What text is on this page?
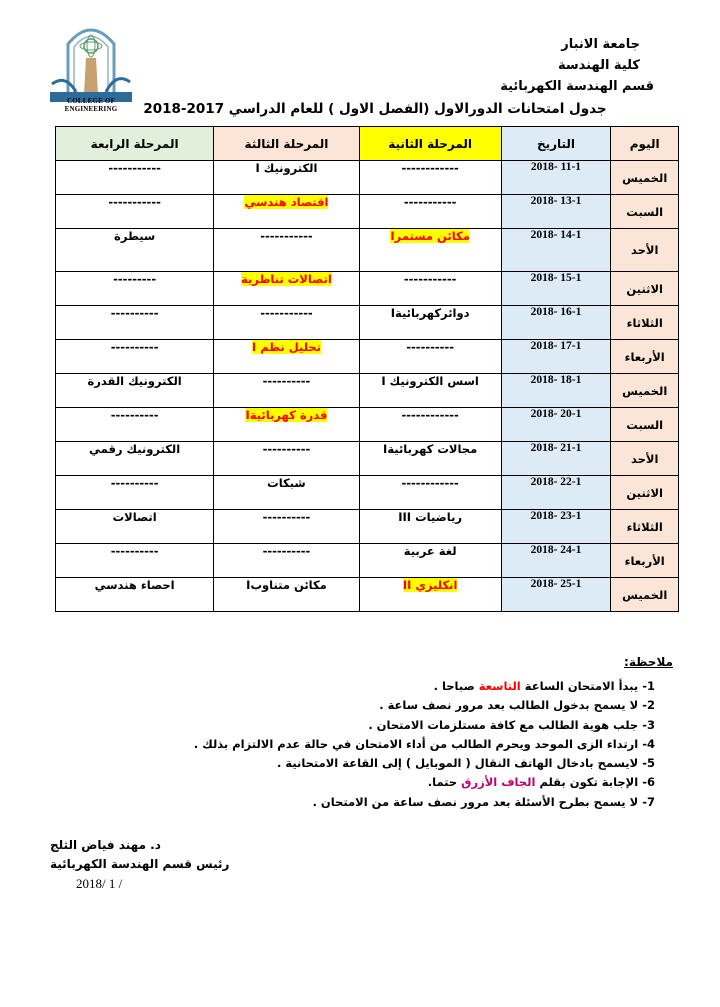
COLLEGE OF ENGINEERING
جامعة الانبار
كلية الهندسة
قسم الهندسة الكهربائية
جدول امتحانات الدورالاول (الفصل الاول ) للعام الدراسي 2017-2018
اليوم	التاريخ	المرحلة الثانية	المرحلة الثالثة	المرحلة الرابعة
الخميس	11-1 -2018	------------	الكترونيك I	-----------
السبت	13-1 -2018	-----------	اقتصاد هندسي	-----------
الأحد	14-1 -2018	مكائن مستمرI	-----------	سيطرة
الاثنين	15-1 -2018	-----------	اتصالات تناظرية	---------
الثلاثاء	16-1 -2018	دوائركهربائيةI	-----------	----------
الأربعاء	17-1 -2018	----------	تحليل نظم I	----------
الخميس	18-1 -2018	اسس الكترونيك I	----------	الكترونيك القدرة
السبت	20-1 -2018	------------	قدرة كهربائيةI	----------
الأحد	21-1 -2018	مجالات كهربائيةI	----------	الكترونيك رقمي
الاثنين	22-1 -2018	------------	شبكات	----------
الثلاثاء	23-1 -2018	رياضيات III	----------	اتصالات
الأربعاء	24-1 -2018	لغة عربية	----------	----------
الخميس	25-1 -2018	انكليزي II	مكائن متناوبI	احصاء هندسي
ملاحظة:
1-يبدأ الامتحان الساعة التاسعة صباحا .
2-لا يسمح بدخول الطالب بعد مرور نصف ساعة .
3-جلب هوية الطالب مع كافة مستلزمات الامتحان .
4-ارتداء الزى الموحد ويحرم الطالب من أداء الامتحان في حالة عدم الالتزام بذلك .
5-لايسمح بادخال الهاتف النقال ( الموبايل ) إلى القاعة الامتحانية .
6-الإجابة تكون بقلم الجاف الأزرق حتما.
7-لا يسمح بطرح الأسئلة بعد مرور نصف ساعة من الامتحان .
د. مهند فياض الثلج
رئيس قسم الهندسة الكهربائية
2018/ 1 /
